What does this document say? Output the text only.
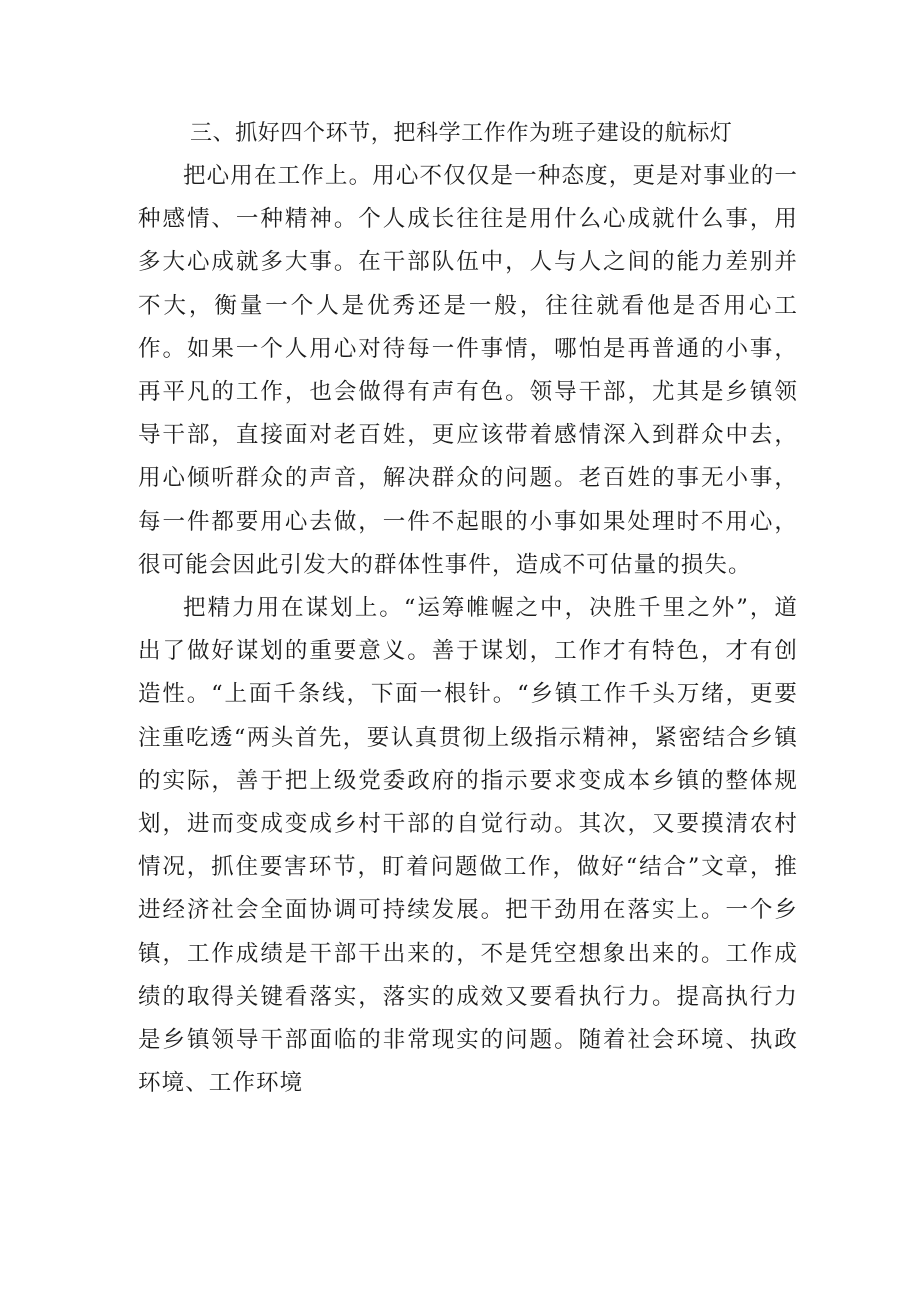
三、抓好四个环节，把科学工作作为班子建设的航标灯

把心用在工作上。用心不仅仅是一种态度，更是对事业的一种感情、一种精神。个人成长往往是用什么心成就什么事，用多大心成就多大事。在干部队伍中，人与人之间的能力差别并不大，衡量一个人是优秀还是一般，往往就看他是否用心工作。如果一个人用心对待每一件事情，哪怕是再普通的小事，再平凡的工作，也会做得有声有色。领导干部，尤其是乡镇领导干部，直接面对老百姓，更应该带着感情深入到群众中去，用心倾听群众的声音，解决群众的问题。老百姓的事无小事，每一件都要用心去做，一件不起眼的小事如果处理时不用心，很可能会因此引发大的群体性事件，造成不可估量的损失。

把精力用在谋划上。“运筹帷幄之中，决胜千里之外”，道出了做好谋划的重要意义。善于谋划，工作才有特色，才有创造性。“上面千条线，下面一根针。“乡镇工作千头万绪，更要注重吃透“两头首先，要认真贯彻上级指示精神，紧密结合乡镇的实际，善于把上级党委政府的指示要求变成本乡镇的整体规划，进而变成变成乡村干部的自觉行动。其次，又要摸清农村情况，抓住要害环节，盯着问题做工作，做好“结合”文章，推进经济社会全面协调可持续发展。把干劲用在落实上。一个乡镇，工作成绩是干部干出来的，不是凭空想象出来的。工作成绩的取得关键看落实，落实的成效又要看执行力。提高执行力是乡镇领导干部面临的非常现实的问题。随着社会环境、执政环境、工作环境
